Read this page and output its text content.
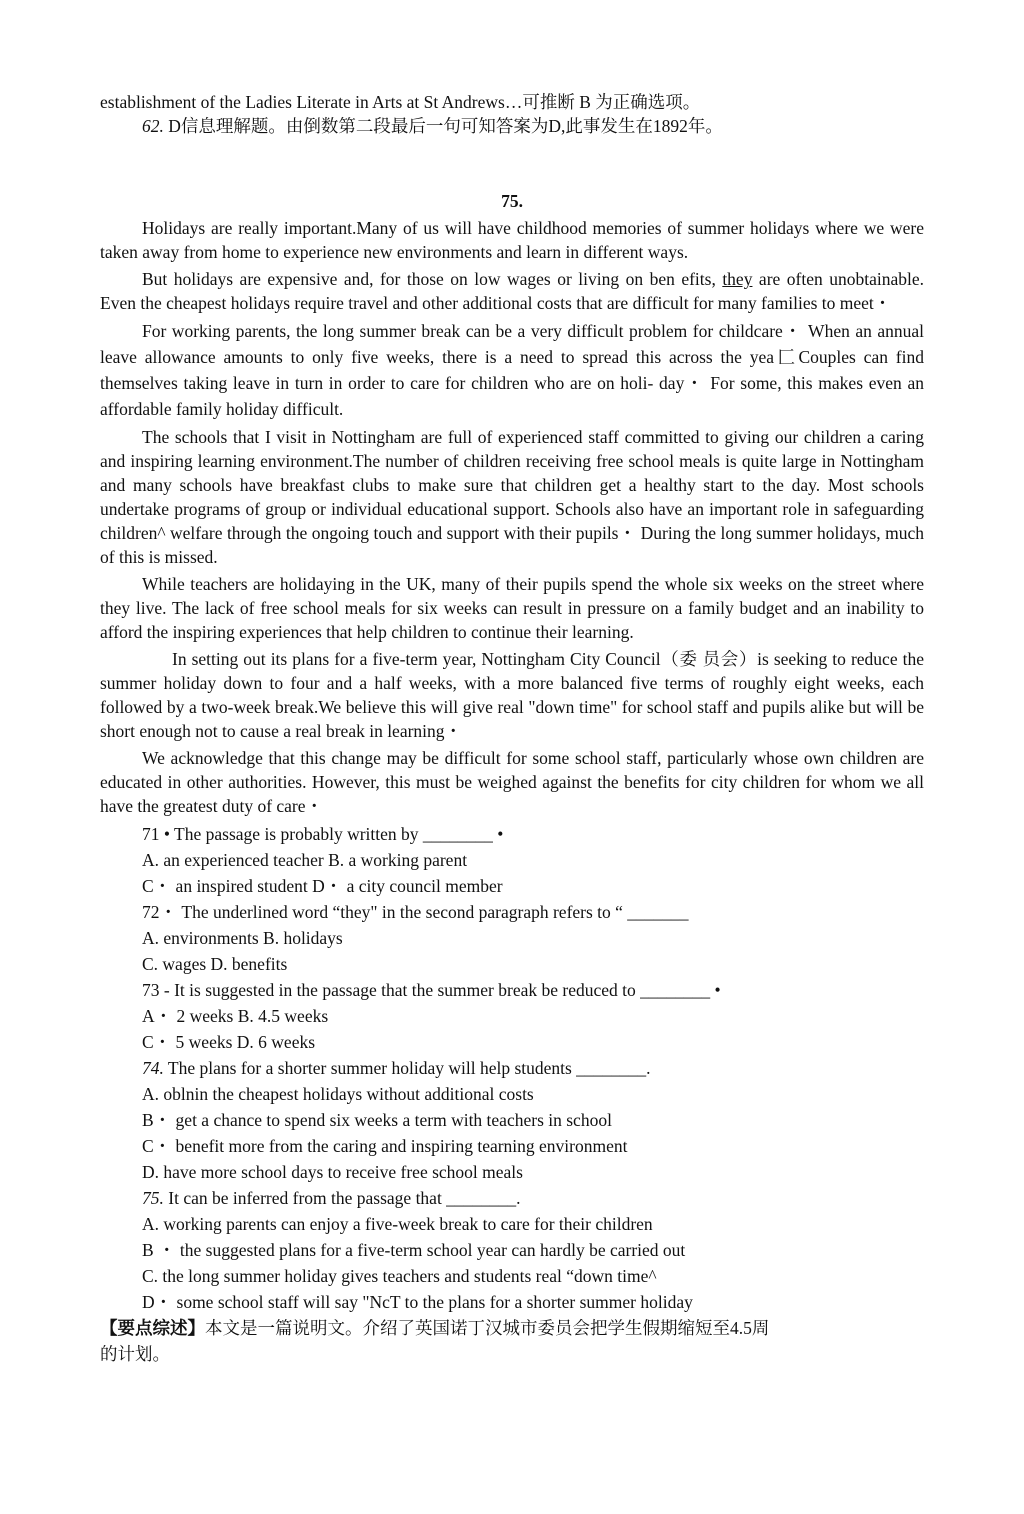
establishment of the Ladies Literate in Arts at St Andrews…可推断 B 为正确选项。

62. D信息理解题。由倒数第二段最后一句可知答案为D,此事发生在1892年。

75.

Holidays are really important.Many of us will have childhood memories of summer holidays where we were taken away from home to experience new environments and learn in different ways.

But holidays are expensive and, for those on low wages or living on ben efits, they are often unobtainable. Even the cheapest holidays require travel and other additional costs that are difficult for many families to meet・

For working parents, the long summer break can be a very difficult problem for childcare・ When an annual leave allowance amounts to only five weeks, there is a need to spread this across the yea匚Couples can find themselves taking leave in turn in order to care for children who are on holi- day・ For some, this makes even an affordable family holiday difficult.

The schools that I visit in Nottingham are full of experienced staff committed to giving our children a caring and inspiring learning environment.The number of children receiving free school meals is quite large in Nottingham and many schools have breakfast clubs to make sure that children get a healthy start to the day. Most schools undertake programs of group or individual educational support. Schools also have an important role in safeguarding children^ welfare through the ongoing touch and support with their pupils・ During the long summer holidays, much of this is missed.

While teachers are holidaying in the UK, many of their pupils spend the whole six weeks on the street where they live. The lack of free school meals for six weeks can result in pressure on a family budget and an inability to afford the inspiring experiences that help children to continue their learning.

In setting out its plans for a five-term year, Nottingham City Council（委 员会）is seeking to reduce the summer holiday down to four and a half weeks, with a more balanced five terms of roughly eight weeks, each followed by a two-week break.We believe this will give real "down time" for school staff and pupils alike but will be short enough not to cause a real break in learning・

We acknowledge that this change may be difficult for some school staff, particularly whose own children are educated in other authorities. However, this must be weighed against the benefits for city children for whom we all have the greatest duty of care・

71 • The passage is probably written by ________ •

A. an experienced teacher B. a working parent

C・ an inspired student D・ a city council member

72・ The underlined word “they" in the second paragraph refers to “ _______

A. environments B. holidays

C. wages D. benefits

73 - It is suggested in the passage that the summer break be reduced to ________ •

A・ 2 weeks B. 4.5 weeks

C・ 5 weeks D. 6 weeks

74. The plans for a shorter summer holiday will help students ________.

A. oblnin the cheapest holidays without additional costs

B・ get a chance to spend six weeks a term with teachers in school

C・ benefit more from the caring and inspiring tearning environment

D. have more school days to receive free school meals

75. It can be inferred from the passage that ________.

A. working parents can enjoy a five-week break to care for their children

B ・ the suggested plans for a five-term school year can hardly be carried out

C. the long summer holiday gives teachers and students real “down time^

D・ some school staff will say "NcT to the plans for a shorter summer holiday

【要点综述】本文是一篇说明文。介绍了英国诺丁汉城市委员会把学生假期缩短至4.5周

的计划。
